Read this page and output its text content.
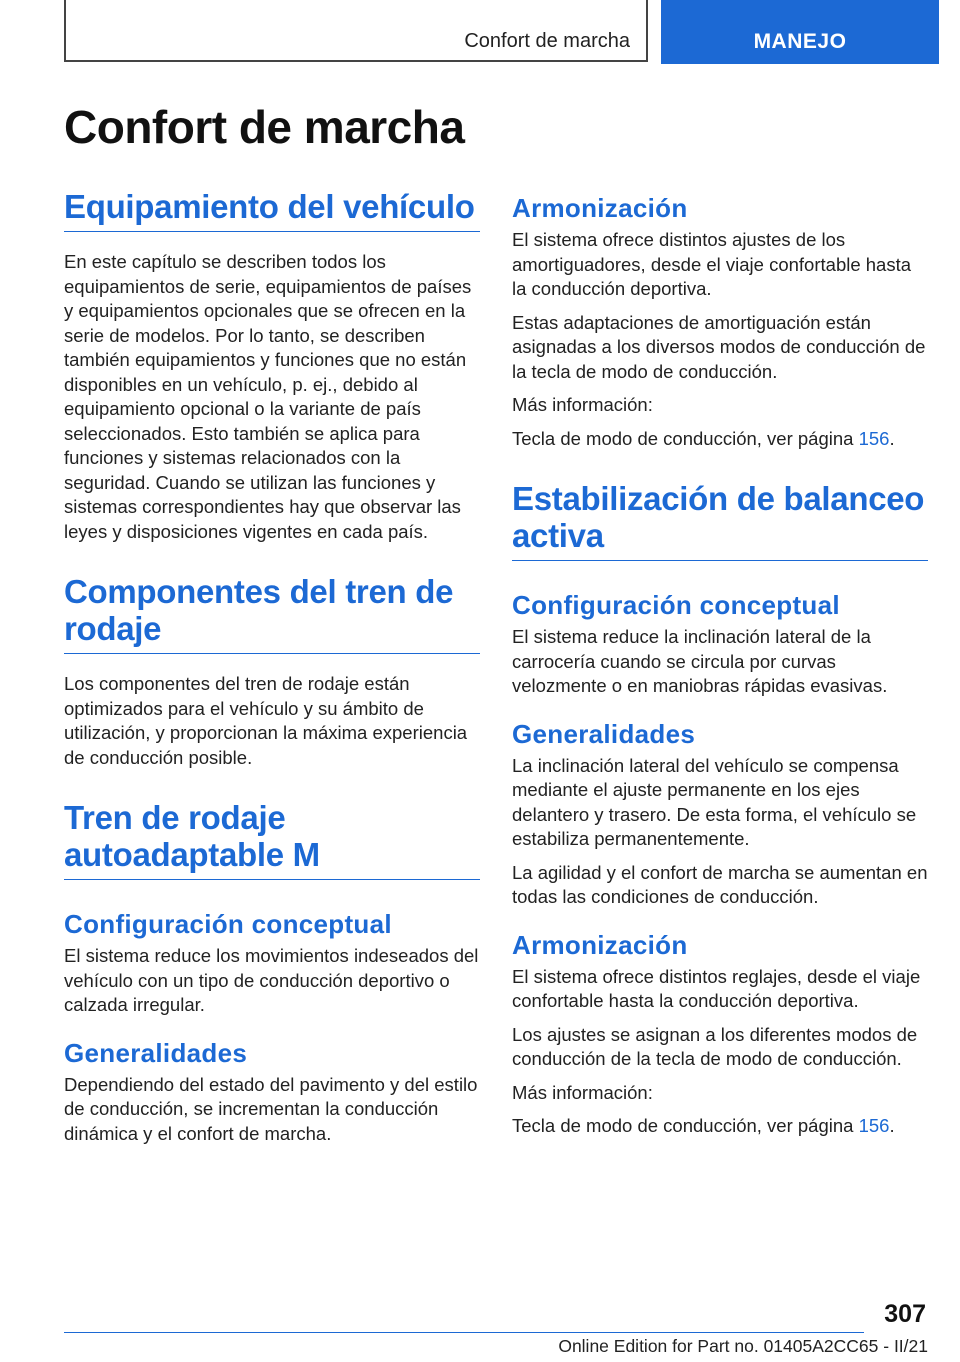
Confort de marcha	MANEJO
Confort de marcha
Equipamiento del vehículo

En este capítulo se describen todos los equipamientos de serie, equipamientos de países y equipamientos opcionales que se ofrecen en la serie de modelos. Por lo tanto, se describen también equipamientos y funciones que no están disponibles en un vehículo, p. ej., debido al equipamiento opcional o la variante de país seleccionados. Esto también se aplica para funciones y sistemas relacionados con la seguridad. Cuando se utilizan las funciones y sistemas correspondientes hay que observar las leyes y disposiciones vigentes en cada país.

Componentes del tren de rodaje

Los componentes del tren de rodaje están optimizados para el vehículo y su ámbito de utilización, y proporcionan la máxima experiencia de conducción posible.

Tren de rodaje autoadaptable M
Configuración conceptual

El sistema reduce los movimientos indeseados del vehículo con un tipo de conducción deportivo o calzada irregular.

Generalidades

Dependiendo del estado del pavimento y del estilo de conducción, se incrementan la conducción dinámica y el confort de marcha.

Armonización

El sistema ofrece distintos ajustes de los amortiguadores, desde el viaje confortable hasta la conducción deportiva.

Estas adaptaciones de amortiguación están asignadas a los diversos modos de conducción de la tecla de modo de conducción.

Más información:

Tecla de modo de conducción, ver página 156.

Estabilización de balanceo activa
Configuración conceptual

El sistema reduce la inclinación lateral de la carrocería cuando se circula por curvas velozmente o en maniobras rápidas evasivas.

Generalidades

La inclinación lateral del vehículo se compensa mediante el ajuste permanente en los ejes delantero y trasero. De esta forma, el vehículo se estabiliza permanentemente.

La agilidad y el confort de marcha se aumentan en todas las condiciones de conducción.

Armonización

El sistema ofrece distintos reglajes, desde el viaje confortable hasta la conducción deportiva.

Los ajustes se asignan a los diferentes modos de conducción de la tecla de modo de conducción.

Más información:

Tecla de modo de conducción, ver página 156.

307
Online Edition for Part no. 01405A2CC65 - II/21
